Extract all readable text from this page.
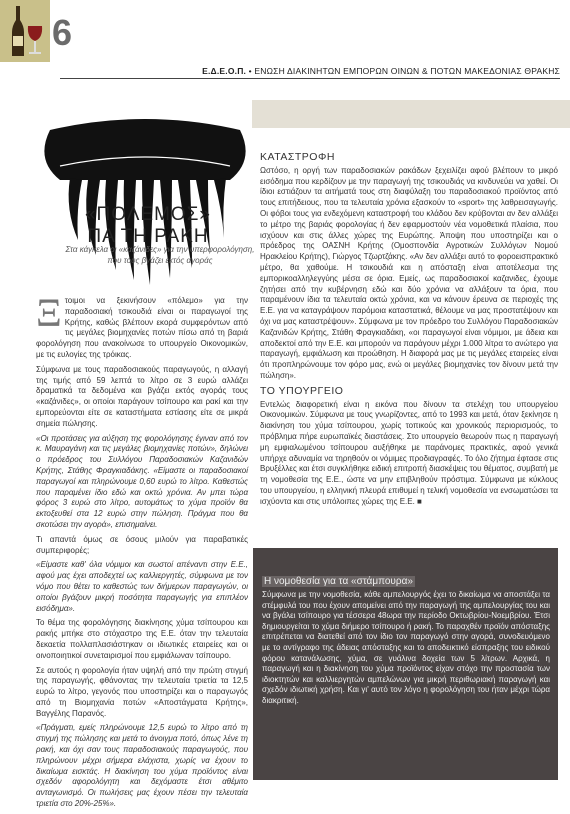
6
Ε.Δ.Ε.Ο.Π. • ΕΝΩΣΗ ΔΙΑΚΙΝΗΤΩΝ ΕΜΠΟΡΩΝ ΟΙΝΩΝ & ΠΟΤΩΝ ΜΑΚΕΔΟΝΙΑΣ ΘΡΑΚΗΣ
«ΠΟΛΕΜΟΣ»
ΠΑ ΤΗ ΡΑΚΗ
Στα κάγκελα οι «καζάνιδες» για την υπερφορολόγηση, που τους βγάζει εκτός αγοράς
Ξ τοιμοι να ξεκινήσουν «πόλεμο» για την παραδοσιακή τσικουδιά είναι οι παραγωγοί της Κρήτης, καθώς βλέπουν εκορά συμφερόντων από τις μεγάλες βιομηχανίες ποτών πίσω από τη βαριά φορολόγηση που ανακοίνωσε το υπουργείο Οικονομικών, με τις ευλογίες της τρόικας.

Σύμφωνα με τους παραδοσιακούς παραγωγούς, η αλλαγή της τιμής από 59 λεπτά το λίτρο σε 3 ευρώ αλλάζει δραματικά τα δεδομένα και βγάζει εκτός αγοράς τους «καζάνιδες», οι οποίοι παράγουν τσίπουρο και ρακί και την εμπορεύονται είτε σε καταστήματα εστίασης είτε σε μικρά σημεία πώλησης.

«Οι προτάσεις για αύξηση της φορολόγησης έγιναν από τον κ. Μαυραγάνη και τις μεγάλες βιομηχανίες ποτών», δηλώνει ο πρόεδρος του Συλλόγου Παραδοσιακών Καζανιδών Κρήτης, Στάθης Φραγκιαδάκης. «Είμαστε οι παραδοσιακοί παραγωγοί και πληρώνουμε 0,60 ευρώ το λίτρο. Καθεστώς που παραμένει ίδιο εδώ και οκτώ χρόνια. Αν μπει τώρα φόρος 3 ευρώ στο λίτρο, αυτομάτως το χύμα προϊόν θα εκτοξευθεί στα 12 ευρώ στην πώληση. Πράγμα που θα σκοτώσει την αγορά», επισημαίνει.

Τι απαντά όμως σε όσους μιλούν για παραβατικές συμπεριφορές;

«Είμαστε καθ' όλα νόμιμοι και σωστοί απέναντι στην Ε.Ε., αφού μας έχει αποδεχτεί ως καλλιεργητές, σύμφωνα με τον νόμο που θέτει το καθεστώς των διήμερων παραγωγών, οι οποίοι βγάζουν μικρή ποσότητα παραγωγής για επιπλέον εισόδημα».

Το θέμα της φορολόγησης διακίνησης χύμα τσίπουρου και ρακής μπήκε στο στόχαστρο της Ε.Ε. όταν την τελευταία δεκαετία πολλαπλασιάστηκαν οι ιδιωτικές εταιρείες και οι οινοποιητικοί συνεταιρισμοί που εμφιάλωναν τσίπουρο.

Σε αυτούς η φορολογία ήταν υψηλή από την πρώτη στιγμή της παραγωγής, φθάνοντας την τελευταία τριετία τα 12,5 ευρώ το λίτρο, γεγονός που υποστηρίζει και ο παραγωγός από τη Βιομηχανία ποτών «Αποστάγματα Κρήτης», Βαγγέλης Παρανός.

«Πράγματι, εμείς πληρώνουμε 12,5 ευρώ το λίτρο από τη στιγμή της πώλησης και μετά το άνοιγμα ποτό, όπως λένε τη ρακή, και όχι σαν τους παραδοσιακούς παραγωγούς, που πληρώνουν μέχρι σήμερα ελάχιστα, χωρίς να έχουν το δικαίωμα εισκτάς. Η διακίνηση του χύμα προϊόντος είναι σχεδόν αφορολόγητη και δεχόμαστε έτσι αθέμιτο ανταγωνισμό. Οι πωλήσεις μας έχουν πέσει την τελευταία τριετία στο 20%-25%».

ΚΑΤΑΣΤΡΟΦΗ

Ωστόσο, η οργή των παραδοσιακών ρακάδων ξεχειλίζει αφού βλέπουν το μικρό εισόδημα που κερδίζουν με την παραγωγή της τσικουδιάς να κινδυνεύει να χαθεί. Οι ίδιοι εστιάζουν τα αιτήματά τους στη διαφύλαξη του παραδοσιακού προϊόντος από τους επιτήδειους, που τα τελευταία χρόνια εξασκούν το «sport» της λαθρεισαγωγής. Οι φόβοι τους για ενδεχόμενη καταστροφή του κλάδου δεν κρύβονται αν δεν αλλάξει το μέτρο της βαριάς φορολογίας ή δεν εφαρμοστούν νέα νομοθετικά πλαίσια, που ισχύουν και στις άλλες χώρες της Ευρώπης. Άποψη που υποστηρίζει και ο πρόεδρος της ΟΑΣΝΗ Κρήτης (Ομοσπονδία Αγροτικών Συλλόγων Νομού Ηρακλείου Κρήτης), Γιώργος Τζωρτζάκης. «Αν δεν αλλάξει αυτό το φοροεισπρακτικό μέτρο, θα χαθούμε. Η τσικουδιά και η απόσταξη είναι αποτέλεσμα της εμπορικοαλληλεγγύης μέσα σε όρια. Εμείς, ως παραδοσιακοί καζανιδες, έχουμε ζητήσει από την κυβέρνηση εδώ και δύο χρόνια να αλλάξουν τα όρια, που παραμένουν ίδια τα τελευταία οκτώ χρόνια, και να κάνουν έρευνα σε περιοχές της Ε.Ε. για να καταγράψουν παρόμοια καταστατικά, θέλουμε να μας προστατέψουν και όχι να μας καταστρέψουν». Σύμφωνα με τον πρόεδρο του Συλλόγου Παραδοσιακών Καζανιδών Κρήτης, Στάθη Φραγκιαδάκη, «οι παραγωγοί είναι νόμιμοι, με άδεια και αποδεκτοί από την Ε.Ε. και μπορούν να παράγουν μέχρι 1.000 λίτρα το ανώτερο για παραγωγή, εμφιάλωση και προώθηση. Η διαφορά μας με τις μεγάλες εταιρείες είναι ότι προπληρώνουμε τον φόρο μας, ενώ οι μεγάλες βιομηχανίες τον δίνουν μετά την πώληση».

ΤΟ ΥΠΟΥΡΓΕΙΟ

Εντελώς διαφορετική είναι η εικόνα που δίνουν τα στελέχη του υπουργείου Οικονομικών. Σύμφωνα με τους γνωρίζοντες, από το 1993 και μετά, όταν ξεκίνησε η διακίνηση του χύμα τσίπουρου, χωρίς τοπικούς και χρονικούς περιορισμούς, το πρόβλημα πήρε ευρωπαϊκές διαστάσεις. Στο υπουργείο θεωρούν πως η παραγωγή μη εμφιαλωμένου τσίπουρου αυξήθηκε με παράνομες πρακτικές, αφού γενικά υπήρχε αδυναμία να τηρηθούν οι νόμιμες προδιαγραφές. Το όλο ζήτημα έφτασε στις Βρυξέλλες και έτσι συγκλήθηκε ειδική επιτροπή διασκέψεις του θέματος, συμβατή με τη νομοθεσία της Ε.Ε., ώστε να μην επιβληθούν πρόστιμα. Σύμφωνα με κύκλους του υπουργείου, η ελληνική πλευρά επιθυμεί η τελική νομοθεσία να ενσωματώσει τα ισχύοντα και στις υπόλοιπες χώρες της Ε.Ε. ■

Η νομοθεσία για τα «στάμπουρα»
Σύμφωνα με την νομοθεσία, κάθε αμπελουργός έχει το δικαίωμα να αποστάξει τα στέμφυλά του που έχουν απομείνει από την παραγωγή της αμπελουργίας του και να βγάλει τσίπουρο για τέσσερα 48ωρα την περίοδο Οκτωβρίου-Νοεμβρίου. Έτσι δημιουργείται το χύμα διήμερο τσίπουρο ή ρακή. Το παραχθέν προϊόν απόσταξης επιτρέπεται να διατεθεί από τον ίδιο τον παραγωγό στην αγορά, συνοδευόμενο με το αντίγραφο της άδειας απόσταξης και το αποδεικτικό είσπραξης του ειδικού φόρου κατανάλωσης, χύμα, σε γυάλινα δοχεία των 5 λίτρων. Αρχικά, η παραγωγή και η διακίνηση του χύμα προϊόντος είχαν στόχο την προστασία των ιδιοκτητών και καλλιεργητών αμπελώνων για μικρή περιθωριακή παραγωγή και σχεδόν ιδιωτική χρήση. Και γι' αυτό τον λόγο η φορολόγηση του ήταν μέχρι τώρα διακριτική.
